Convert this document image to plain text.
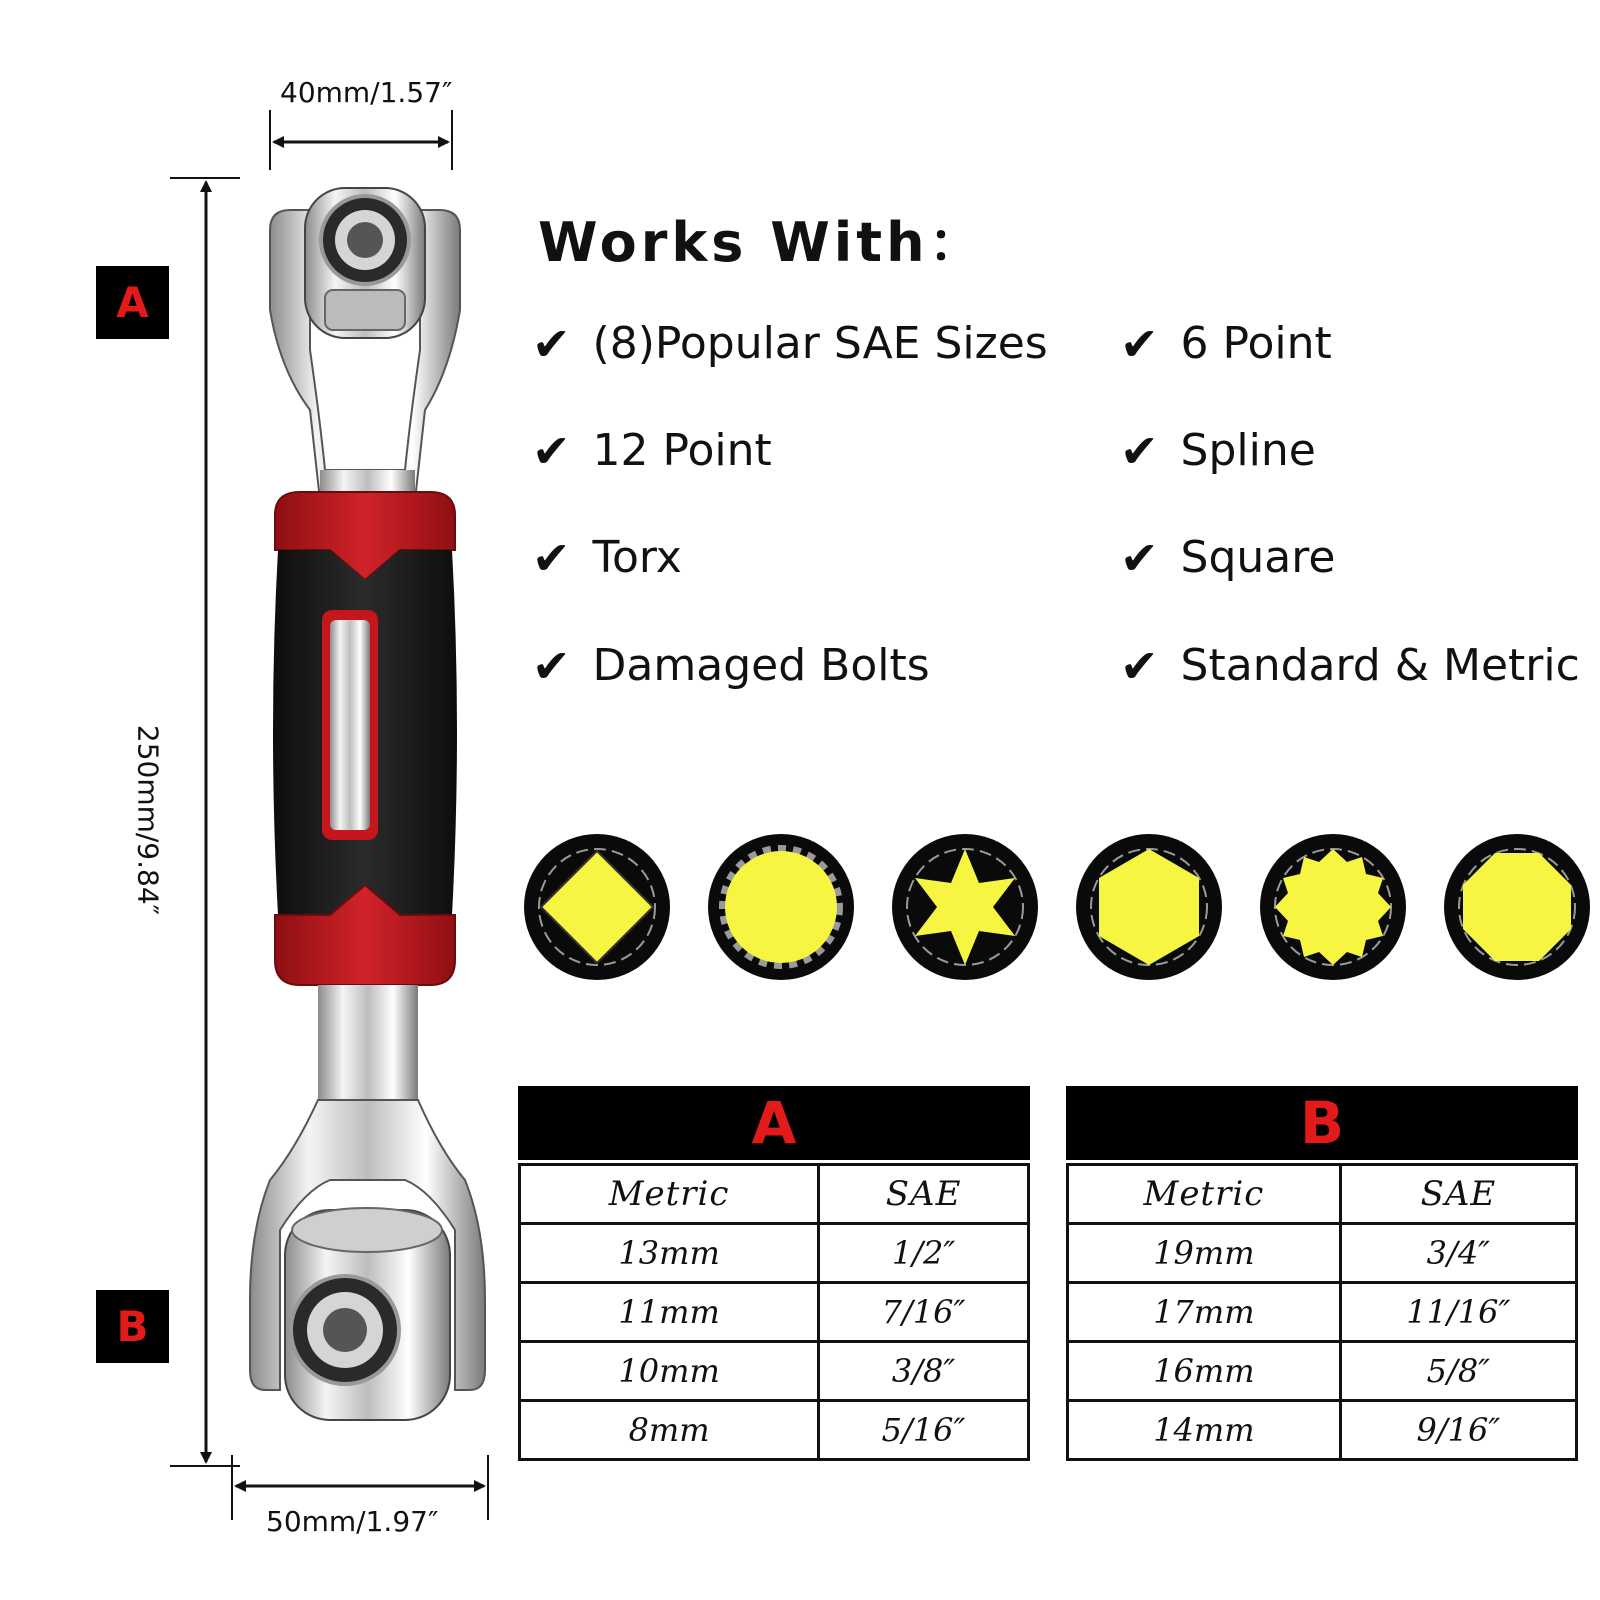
40mm/1.57″
250mm/9.84″
50mm/1.97″
A
B
Works With：
✔ (8)Popular SAE Sizes
✔ 12 Point
✔ Torx
✔ Damaged Bolts
✔ 6 Point
✔ Spline
✔ Square
✔ Standard & Metric
A
Metric	SAE
13mm	1/2″
11mm	7/16″
10mm	3/8″
8mm	5/16″
B
Metric	SAE
19mm	3/4″
17mm	11/16″
16mm	5/8″
14mm	9/16″
